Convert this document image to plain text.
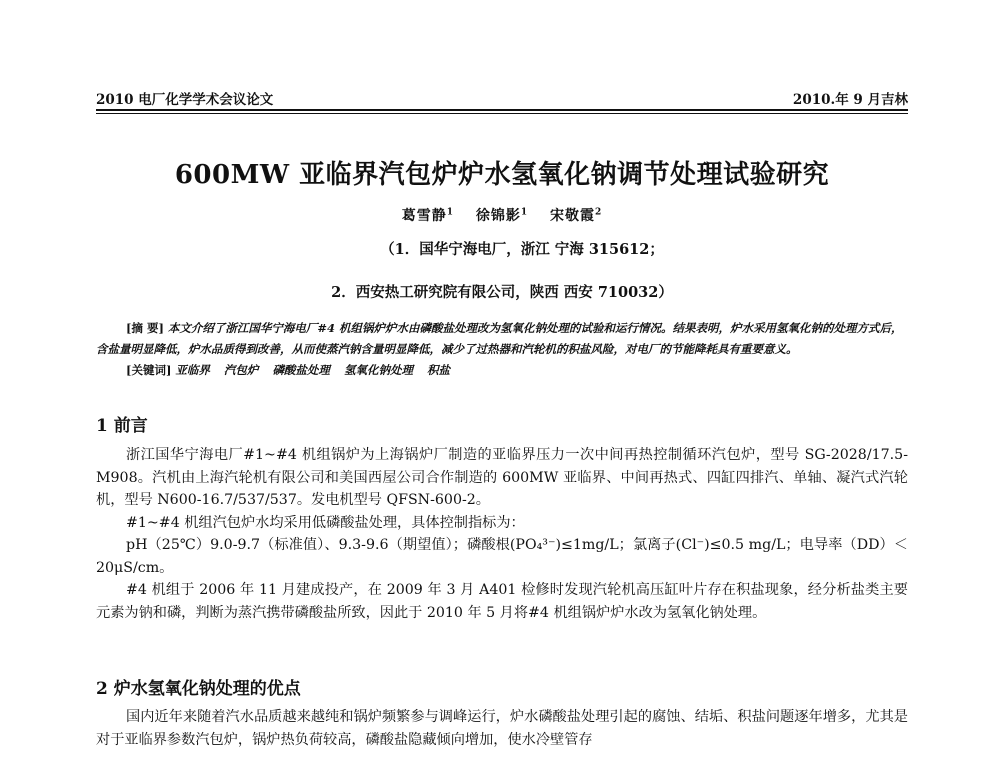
2010 电厂化学学术会议论文	2010.年 9 月吉林
600MW 亚临界汽包炉炉水氢氧化钠调节处理试验研究
葛雪静$^1$ 徐锦影$^1$ 宋敬霞$^2$
（1．国华宁海电厂，浙江 宁海 315612；
2．西安热工研究院有限公司，陕西 西安 710032）

[摘 要] 本文介绍了浙江国华宁海电厂#4 机组锅炉炉水由磷酸盐处理改为氢氧化钠处理的试验和运行情况。结果表明，炉水采用氢氧化钠的处理方式后，含盐量明显降低，炉水品质得到改善，从而使蒸汽钠含量明显降低，减少了过热器和汽轮机的积盐风险，对电厂的节能降耗具有重要意义。

[关键词] 亚临界 汽包炉 磷酸盐处理 氢氧化钠处理 积盐

1 前言

浙江国华宁海电厂#1~#4 机组锅炉为上海锅炉厂制造的亚临界压力一次中间再热控制循环汽包炉，型号 SG-2028/17.5-M908。汽机由上海汽轮机有限公司和美国西屋公司合作制造的 600MW 亚临界、中间再热式、四缸四排汽、单轴、凝汽式汽轮机，型号 N600-16.7/537/537。发电机型号 QFSN-600-2。

#1~#4 机组汽包炉水均采用低磷酸盐处理，具体控制指标为：

pH（25℃）9.0-9.7（标准值）、9.3-9.6（期望值）；磷酸根(PO₄³⁻)≤1mg/L；氯离子(Cl⁻)≤0.5 mg/L；电导率（DD）＜20μS/cm。

#4 机组于 2006 年 11 月建成投产，在 2009 年 3 月 A401 检修时发现汽轮机高压缸叶片存在积盐现象，经分析盐类主要元素为钠和磷，判断为蒸汽携带磷酸盐所致，因此于 2010 年 5 月将#4 机组锅炉炉水改为氢氧化钠处理。

2 炉水氢氧化钠处理的优点

国内近年来随着汽水品质越来越纯和锅炉频繁参与调峰运行，炉水磷酸盐处理引起的腐蚀、结垢、积盐问题逐年增多，尤其是对于亚临界参数汽包炉，锅炉热负荷较高，磷酸盐隐藏倾向增加，使水冷壁管存
